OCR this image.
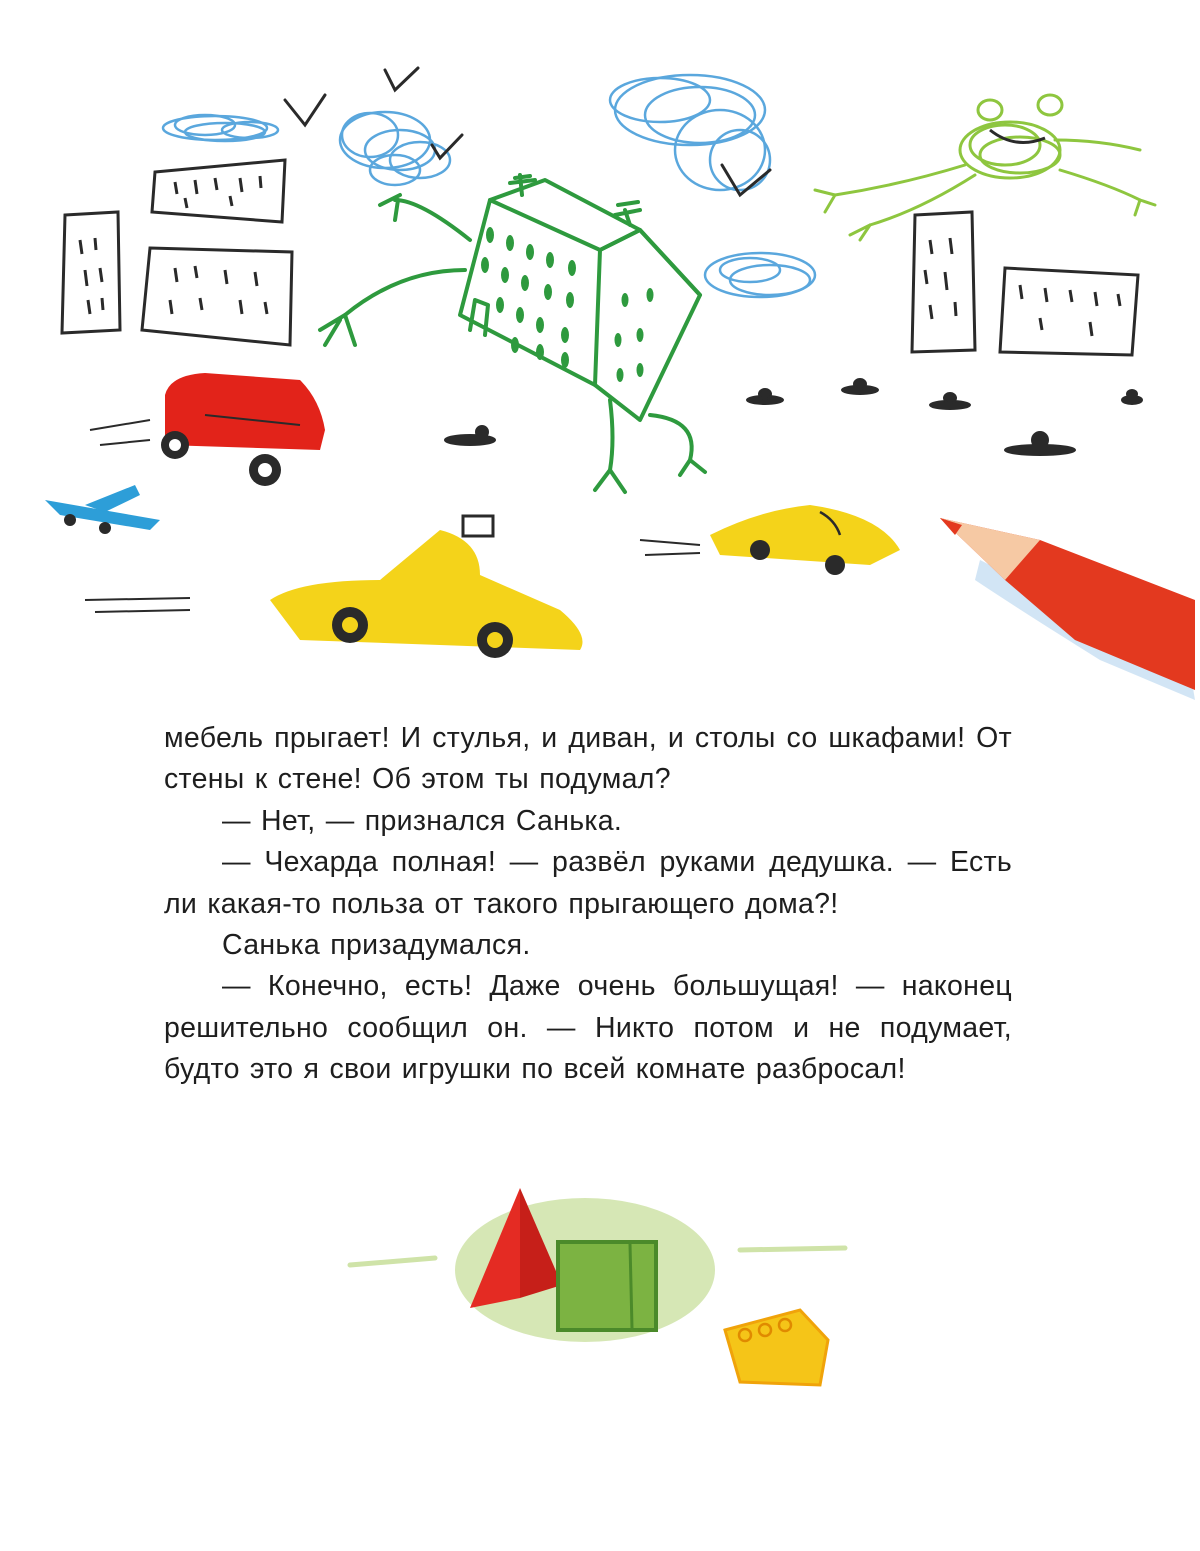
мебель прыгает! И стулья, и диван, и столы со шкафами! От стены к стене! Об этом ты подумал?

— Нет, — признался Санька.

— Чехарда полная! — развёл руками дедушка. — Есть ли какая-то польза от такого прыгающего дома?!

Санька призадумался.

— Конечно, есть! Даже очень большущая! — наконец решительно сообщил он. — Никто потом и не подумает, будто это я свои игрушки по всей комнате разбросал!
